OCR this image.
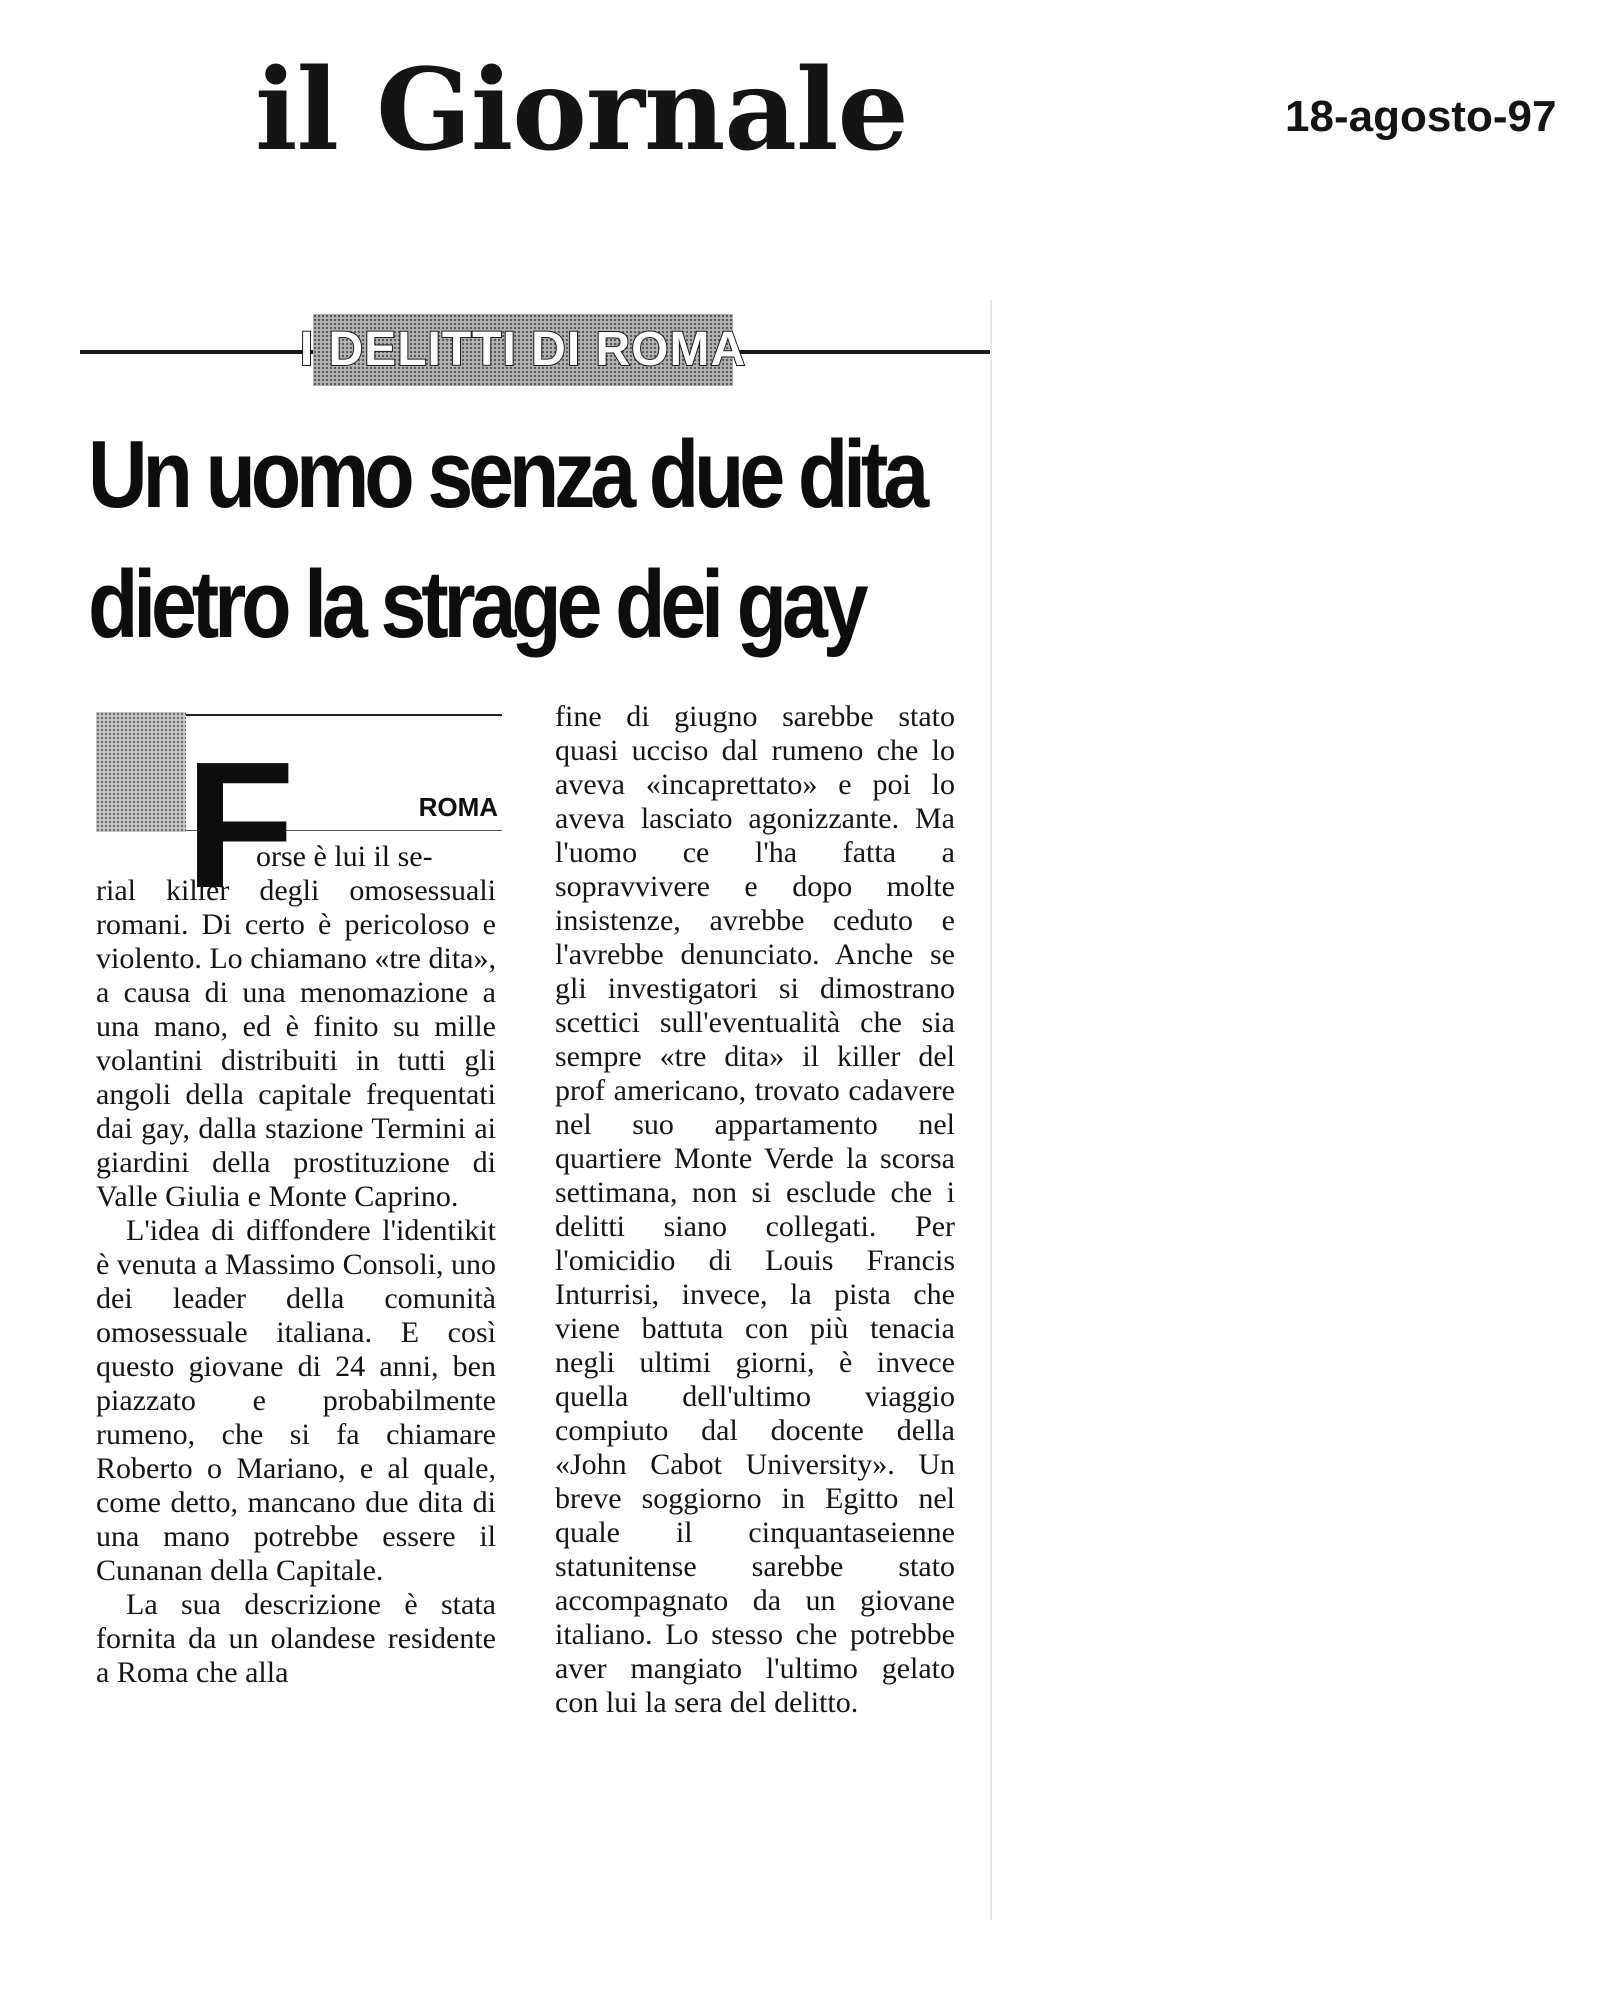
il Giornale	18-agosto-97
I DELITTI DI ROMA
Un uomo senza due dita
dietro la strage dei gay
ROMA
F
orse è lui il se-

rial killer degli omosessuali romani. Di certo è pericoloso e violento. Lo chiamano «tre dita», a causa di una menomazione a una mano, ed è finito su mille volantini distribuiti in tutti gli angoli della capitale frequentati dai gay, dalla stazione Termini ai giardini della prostituzione di Valle Giulia e Monte Caprino.

L'idea di diffondere l'identikit è venuta a Massimo Consoli, uno dei leader della comunità omosessuale italiana. E così questo giovane di 24 anni, ben piazzato e probabilmente rumeno, che si fa chiamare Roberto o Mariano, e al quale, come detto, mancano due dita di una mano potrebbe essere il Cunanan della Capitale.

La sua descrizione è stata fornita da un olandese residente a Roma che alla

fine di giugno sarebbe stato quasi ucciso dal rumeno che lo aveva «incaprettato» e poi lo aveva lasciato agonizzante. Ma l'uomo ce l'ha fatta a sopravvivere e dopo molte insistenze, avrebbe ceduto e l'avrebbe denunciato. Anche se gli investigatori si dimostrano scettici sull'eventualità che sia sempre «tre dita» il killer del prof americano, trovato cadavere nel suo appartamento nel quartiere Monte Verde la scorsa settimana, non si esclude che i delitti siano collegati. Per l'omicidio di Louis Francis Inturrisi, invece, la pista che viene battuta con più tenacia negli ultimi giorni, è invece quella dell'ultimo viaggio compiuto dal docente della «John Cabot University». Un breve soggiorno in Egitto nel quale il cinquantaseienne statunitense sarebbe stato accompagnato da un giovane italiano. Lo stesso che potrebbe aver mangiato l'ultimo gelato con lui la sera del delitto.
